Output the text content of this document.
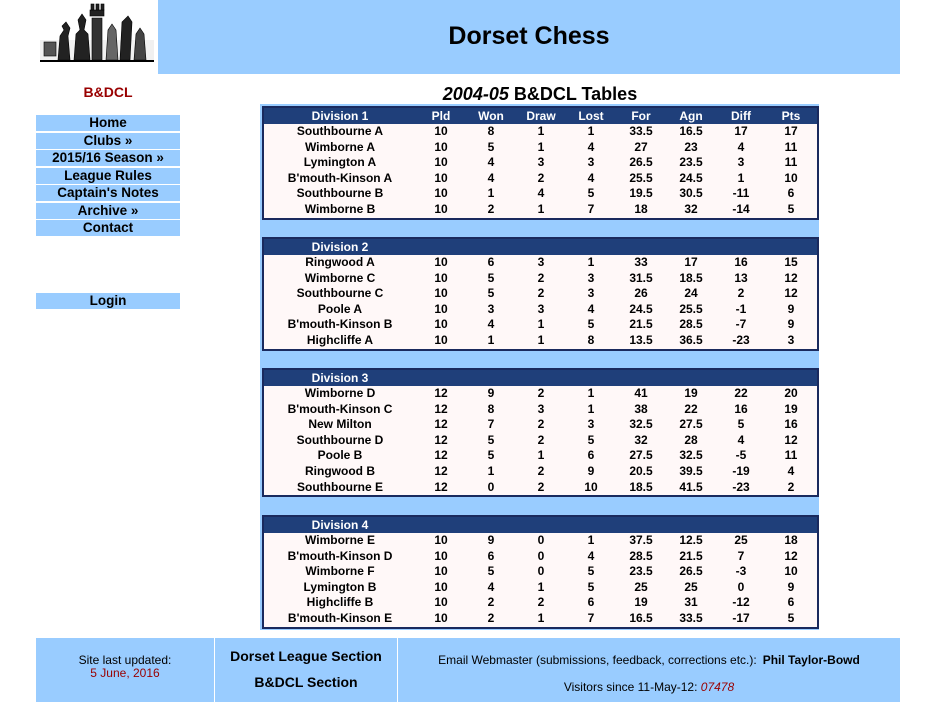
Dorset Chess
B&DCL
Home
Clubs »
2015/16 Season »
League Rules
Captain's Notes
Archive »
Contact
Login
2004-05 B&DCL Tables
Division 1	Pld	Won	Draw	Lost	For	Agn	Diff	Pts
Southbourne A	10	8	1	1	33.5	16.5	17	17
Wimborne A	10	5	1	4	27	23	4	11
Lymington A	10	4	3	3	26.5	23.5	3	11
B'mouth-Kinson A	10	4	2	4	25.5	24.5	1	10
Southbourne B	10	1	4	5	19.5	30.5	-11	6
Wimborne B	10	2	1	7	18	32	-14	5
Division 2
Ringwood A	10	6	3	1	33	17	16	15
Wimborne C	10	5	2	3	31.5	18.5	13	12
Southbourne C	10	5	2	3	26	24	2	12
Poole A	10	3	3	4	24.5	25.5	-1	9
B'mouth-Kinson B	10	4	1	5	21.5	28.5	-7	9
Highcliffe A	10	1	1	8	13.5	36.5	-23	3
Division 3
Wimborne D	12	9	2	1	41	19	22	20
B'mouth-Kinson C	12	8	3	1	38	22	16	19
New Milton	12	7	2	3	32.5	27.5	5	16
Southbourne D	12	5	2	5	32	28	4	12
Poole B	12	5	1	6	27.5	32.5	-5	11
Ringwood B	12	1	2	9	20.5	39.5	-19	4
Southbourne E	12	0	2	10	18.5	41.5	-23	2
Division 4
Wimborne E	10	9	0	1	37.5	12.5	25	18
B'mouth-Kinson D	10	6	0	4	28.5	21.5	7	12
Wimborne F	10	5	0	5	23.5	26.5	-3	10
Lymington B	10	4	1	5	25	25	0	9
Highcliffe B	10	2	2	6	19	31	-12	6
B'mouth-Kinson E	10	2	1	7	16.5	33.5	-17	5
Site last updated:
5 June, 2016
Dorset League Section
B&DCL Section
Email Webmaster (submissions, feedback, corrections etc.): Phil Taylor-Bowd
Visitors since 11-May-12: 07478
